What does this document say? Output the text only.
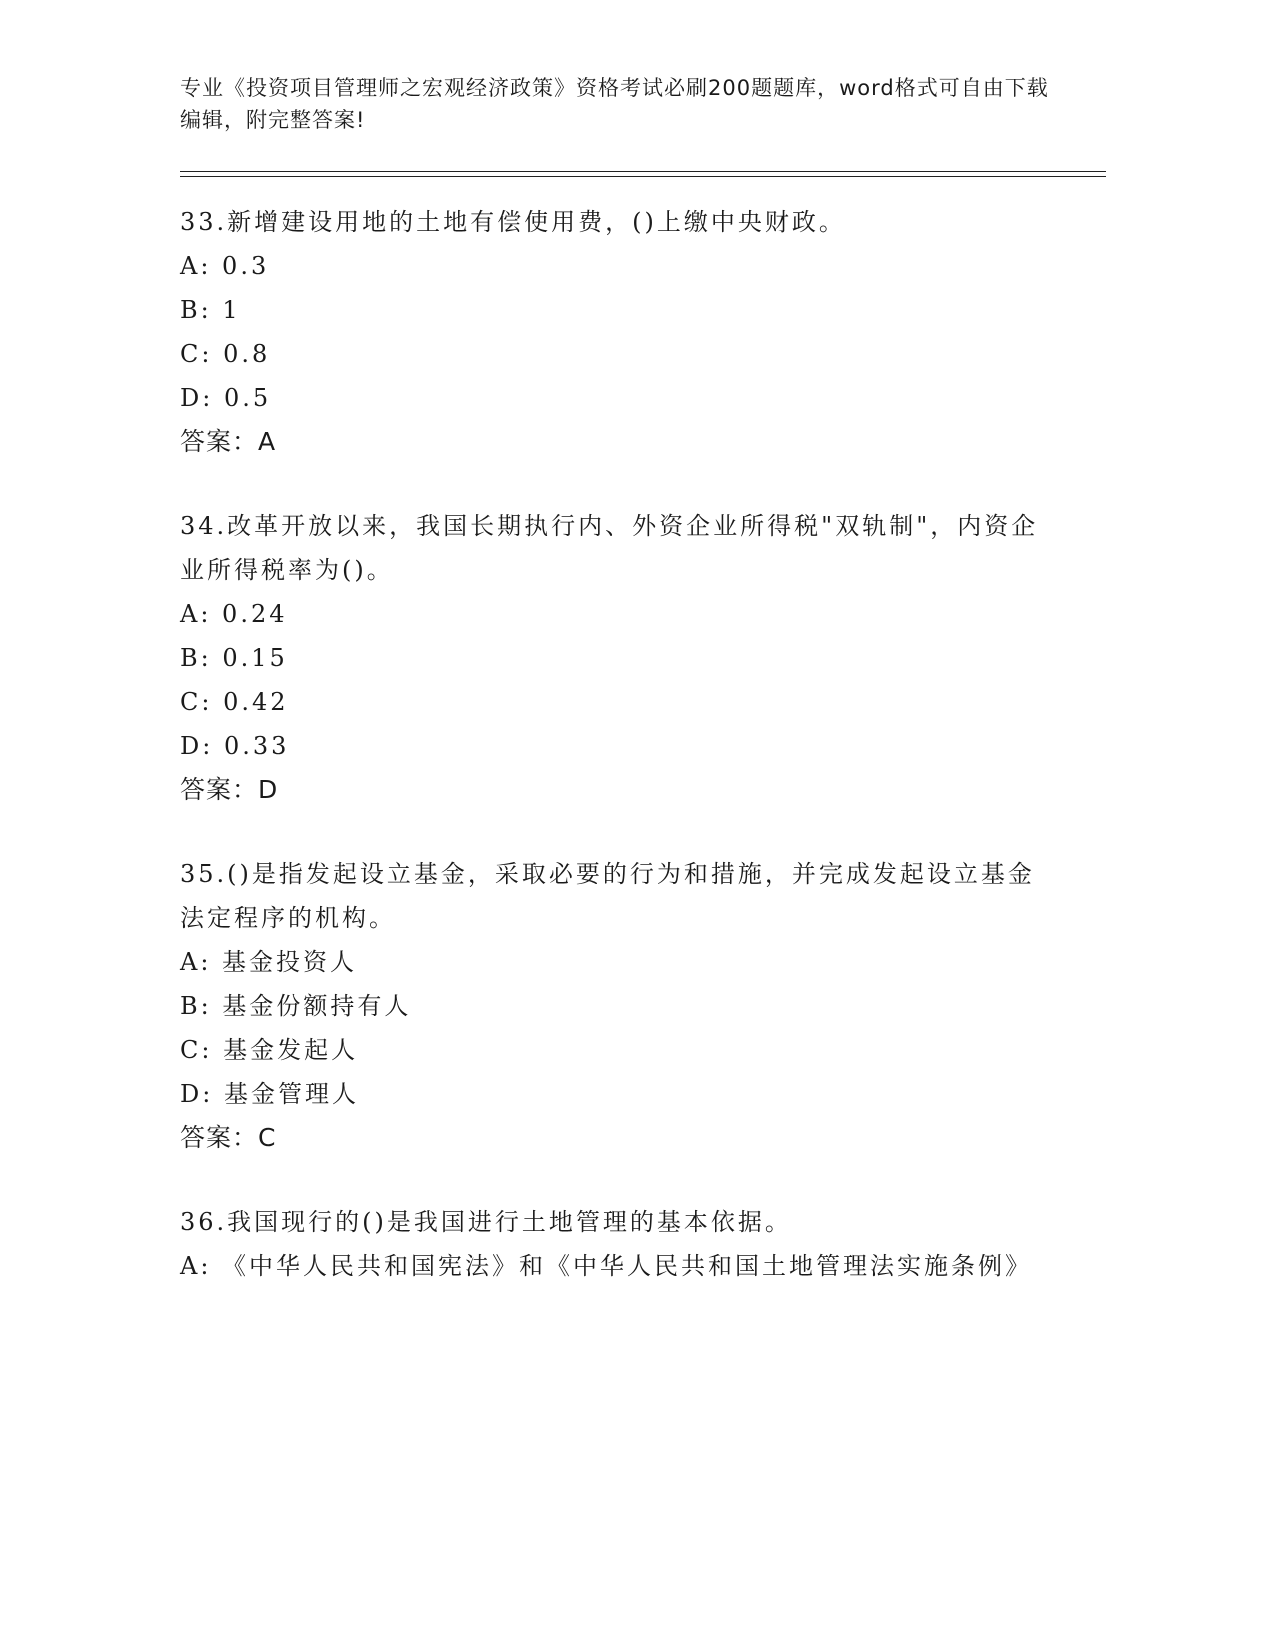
专业《投资项目管理师之宏观经济政策》资格考试必刷200题题库，word格式可自由下载编辑，附完整答案!
33.新增建设用地的土地有偿使用费，()上缴中央财政。
A: 0.3
B: 1
C: 0.8
D: 0.5
答案：A
34.改革开放以来，我国长期执行内、外资企业所得税"双轨制"，内资企业所得税率为()。
A: 0.24
B: 0.15
C: 0.42
D: 0.33
答案：D
35.()是指发起设立基金，采取必要的行为和措施，并完成发起设立基金法定程序的机构。
A: 基金投资人
B: 基金份额持有人
C: 基金发起人
D: 基金管理人
答案：C
36.我国现行的()是我国进行土地管理的基本依据。
A: 《中华人民共和国宪法》和《中华人民共和国土地管理法实施条例》
